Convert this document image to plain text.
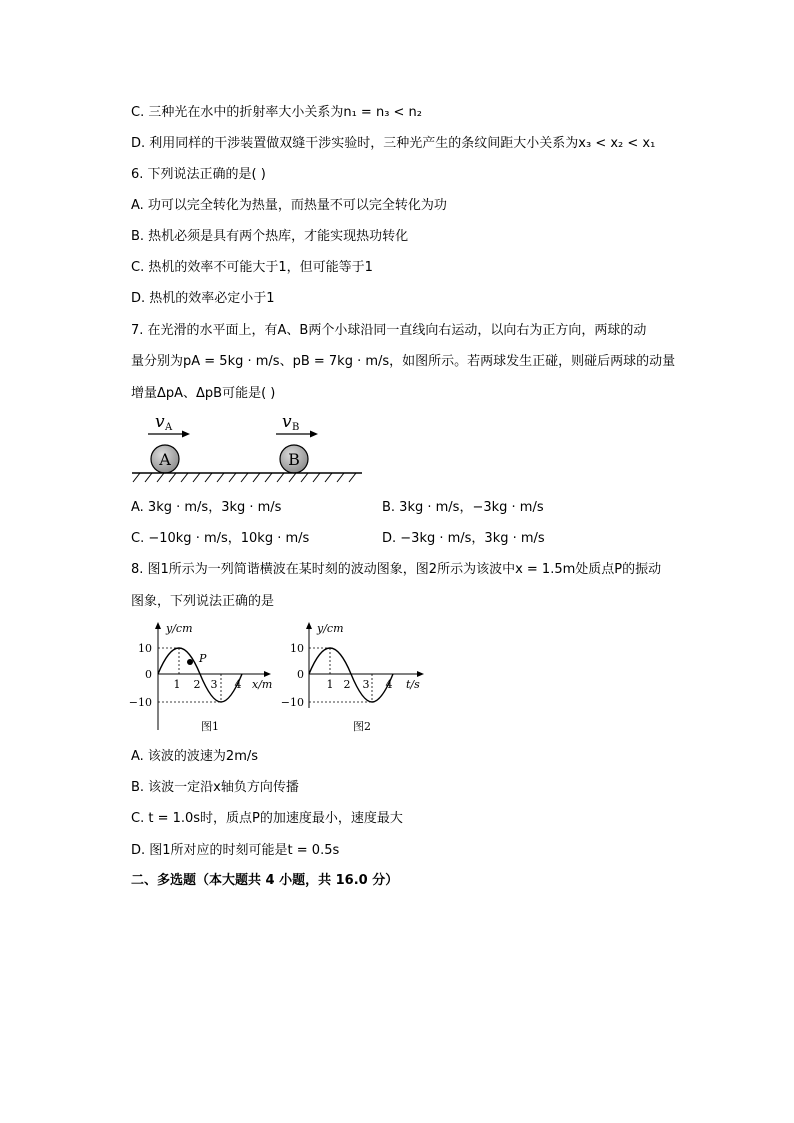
C. 三种光在水中的折射率大小关系为n₁ = n₃ < n₂
D. 利用同样的干涉装置做双缝干涉实验时，三种光产生的条纹间距大小关系为x₃ < x₂ < x₁
6. 下列说法正确的是( )
A. 功可以完全转化为热量，而热量不可以完全转化为功
B. 热机必须是具有两个热库，才能实现热功转化
C. 热机的效率不可能大于1，但可能等于1
D. 热机的效率必定小于1
7. 在光滑的水平面上，有A、B两个小球沿同一直线向右运动，以向右为正方向，两球的动
量分别为pA = 5kg · m/s、pB = 7kg · m/s，如图所示。若两球发生正碰，则碰后两球的动量
增量ΔpA、ΔpB可能是( )
v A	v B
A	B
A. 3kg · m/s，3kg · m/s	B. 3kg · m/s，−3kg · m/s
C. −10kg · m/s，10kg · m/s	D. −3kg · m/s，3kg · m/s
8. 图1所示为一列简谐横波在某时刻的波动图象，图2所示为该波中x = 1.5m处质点P的振动
图象，下列说法正确的是
y/cm
10
0
−10
P
1 2 3 4 x/m
图1
y/cm
10
0
−10
1 2 3 4 t/s
图2
A. 该波的波速为2m/s
B. 该波一定沿x轴负方向传播
C. t = 1.0s时，质点P的加速度最小，速度最大
D. 图1所对应的时刻可能是t = 0.5s
二、多选题（本大题共 4 小题，共 16.0 分）
